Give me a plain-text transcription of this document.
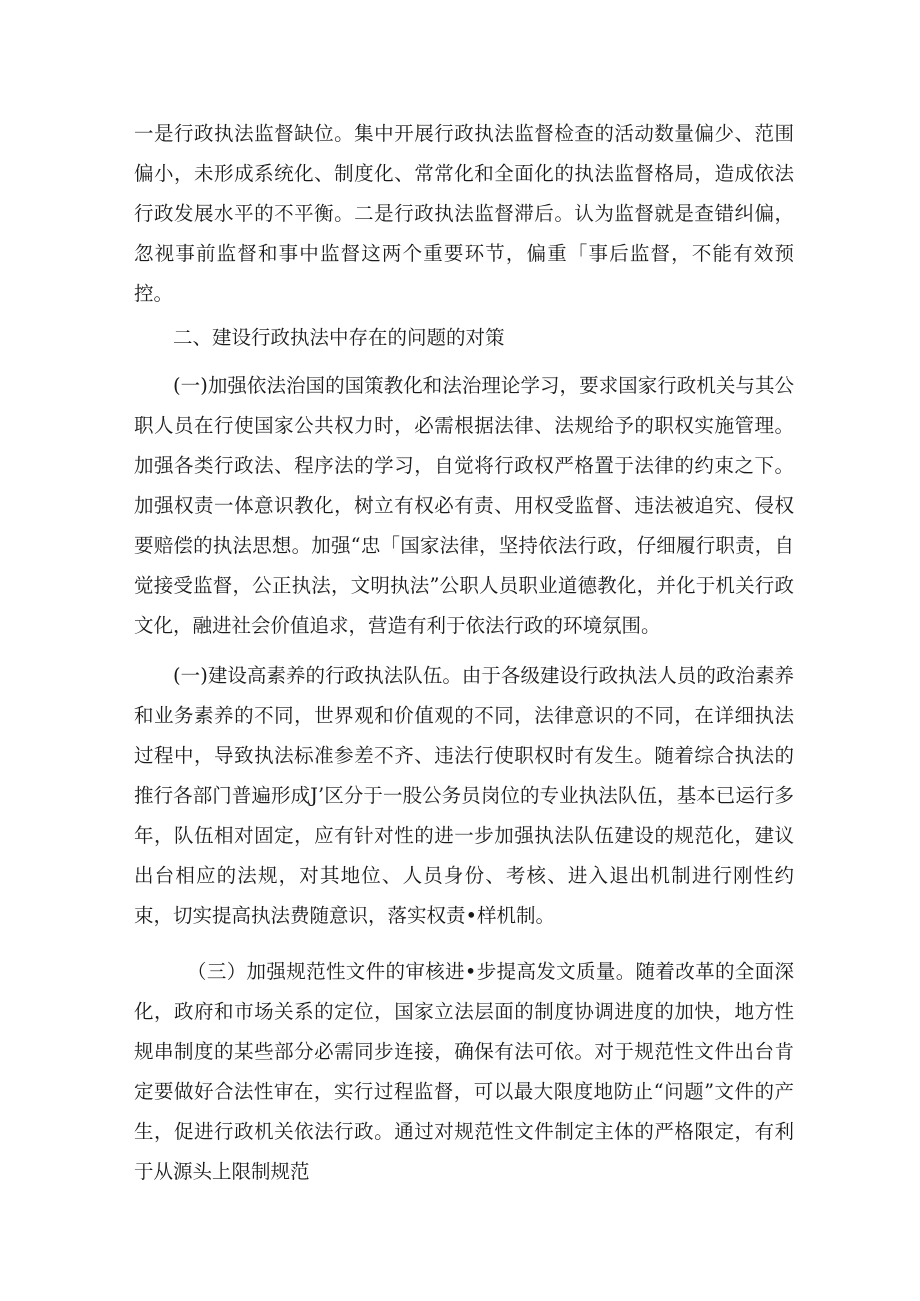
一是行政执法监督缺位。集中开展行政执法监督检查的活动数量偏少、范围偏小，未形成系统化、制度化、常常化和全面化的执法监督格局，造成依法行政发展水平的不平衡。二是行政执法监督滞后。认为监督就是查错纠偏，忽视事前监督和事中监督这两个重要环节，偏重「事后监督，不能有效预控。

二、建设行政执法中存在的问题的对策

(一)加强依法治国的国策教化和法治理论学习，要求国家行政机关与其公职人员在行使国家公共权力时，必需根据法律、法规给予的职权实施管理。加强各类行政法、程序法的学习，自觉将行政权严格置于法律的约束之下。加强权责一体意识教化，树立有权必有责、用权受监督、违法被追究、侵权要赔偿的执法思想。加强“忠「国家法律，坚持依法行政，仔细履行职责，自觉接受监督，公正执法，文明执法”公职人员职业道德教化，并化于机关行政文化，融进社会价值追求，营造有利于依法行政的环境氛围。

(一)建设高素养的行政执法队伍。由于各级建设行政执法人员的政治素养和业务素养的不同，世界观和价值观的不同，法律意识的不同，在详细执法过程中，导致执法标准参差不齐、违法行使职权时有发生。随着综合执法的推行各部门普遍形成J’区分于一股公务员岗位的专业执法队伍，基本已运行多年，队伍相对固定，应有针对性的进一步加强执法队伍建设的规范化，建议出台相应的法规，对其地位、人员身份、考核、进入退出机制进行刚性约束，切实提高执法费随意识，落实权责•样机制。

（三）加强规范性文件的审核进•步提高发文质量。随着改革的全面深化，政府和市场关系的定位，国家立法层面的制度协调进度的加快，地方性规串制度的某些部分必需同步连接，确保有法可依。对于规范性文件出台肯定要做好合法性审在，实行过程监督，可以最大限度地防止“问题”文件的产生，促进行政机关依法行政。通过对规范性文件制定主体的严格限定，有利于从源头上限制规范
